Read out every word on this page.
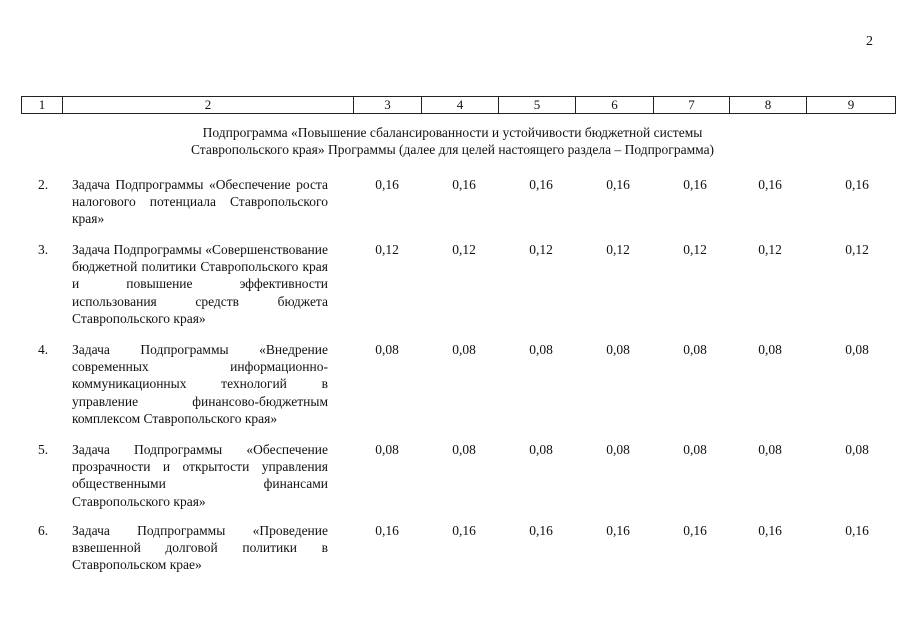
2
1	2	3	4	5	6	7	8	9
Подпрограмма «Повышение сбалансированности и устойчивости бюджетной системы
Ставропольского края» Программы (далее для целей настоящего раздела – Подпрограмма)
2. Задача Подпрограммы «Обеспечение роста налогового потенциала Ставропольского края»
0,16	0,16	0,16	0,16	0,16	0,16	0,16
3. Задача Подпрограммы «Совершенствование бюджетной политики Ставропольского края и повышение эффективности использования средств бюджета Ставропольского края»
0,12	0,12	0,12	0,12	0,12	0,12	0,12
4. Задача Подпрограммы «Внедрение современных информационно-коммуникационных технологий в управление финансово-бюджетным комплексом Ставропольского края»
0,08	0,08	0,08	0,08	0,08	0,08	0,08
5. Задача Подпрограммы «Обеспечение прозрачности и открытости управления общественными финансами Ставропольского края»
0,08	0,08	0,08	0,08	0,08	0,08	0,08
6. Задача Подпрограммы «Проведение взвешенной долговой политики в Ставропольском крае»
0,16	0,16	0,16	0,16	0,16	0,16	0,16
